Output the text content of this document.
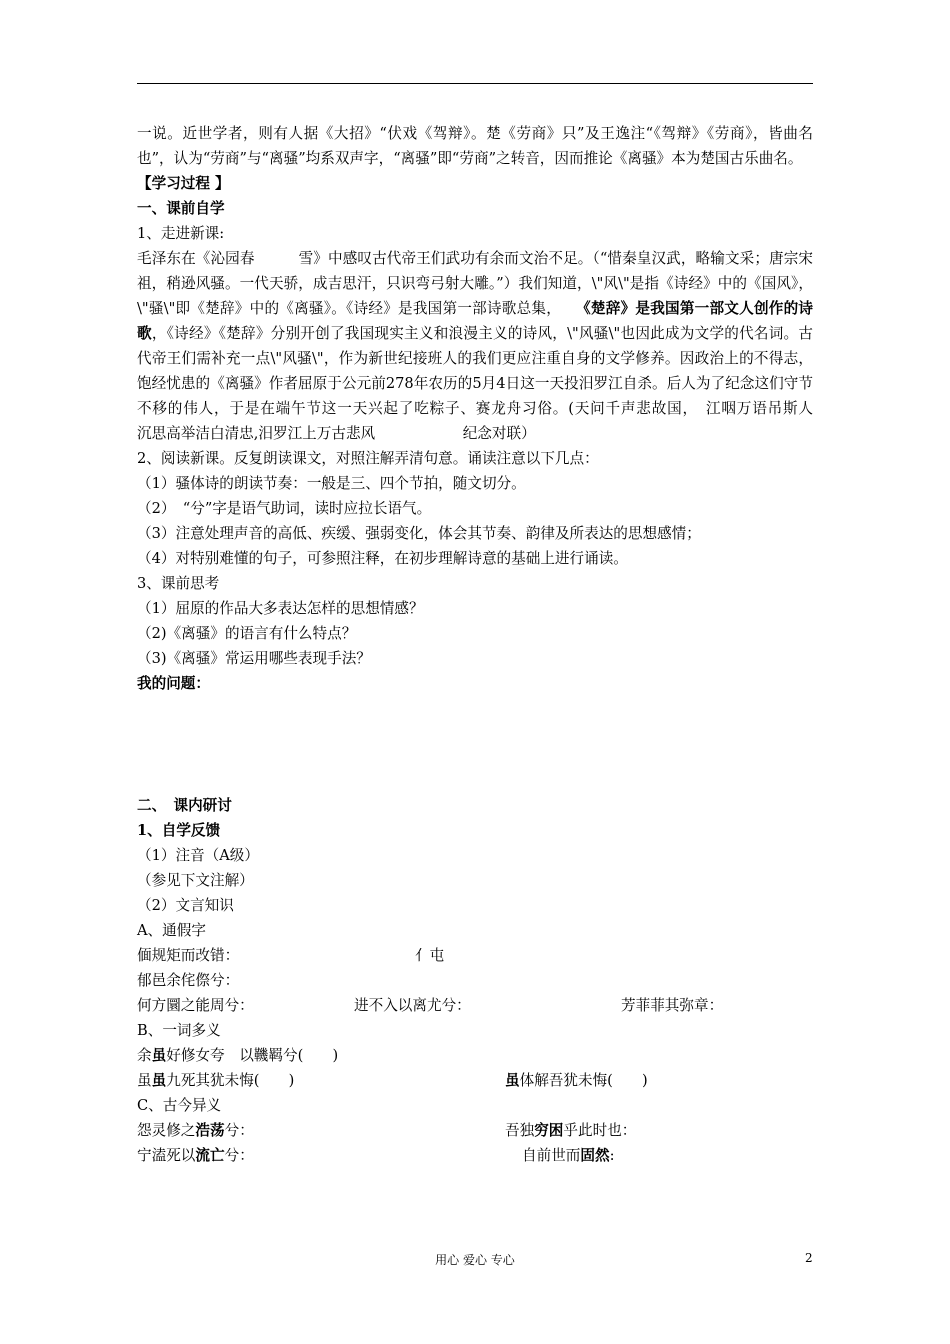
一说。近世学者，则有人据《大招》“伏戏《驾辩》。楚《劳商》只”及王逸注“《驾辩》《劳商》，皆曲名也”，认为“劳商”与“离骚”均系双声字，“离骚”即“劳商”之转音，因而推论《离骚》本为楚国古乐曲名。

【学习过程 】

一、课前自学

1、走进新课:

毛泽东在《沁园春　　　雪》中感叹古代帝王们武功有余而文治不足。（“惜秦皇汉武，略输文采；唐宗宋祖，稍逊风骚。一代天骄，成吉思汗，只识弯弓射大雕。”）我们知道，\"风\"是指《诗经》中的《国风》，\"骚\"即《楚辞》中的《离骚》。《诗经》是我国第一部诗歌总集，　　《楚辞》是我国第一部文人创作的诗歌，《诗经》《楚辞》分别开创了我国现实主义和浪漫主义的诗风，\"风骚\"也因此成为文学的代名词。古代帝王们需补充一点\"风骚\"，作为新世纪接班人的我们更应注重自身的文学修养。因政治上的不得志，饱经忧患的《离骚》作者屈原于公元前278年农历的5月4日这一天投汨罗江自杀。后人为了纪念这们守节不移的伟人，于是在端午节这一天兴起了吃粽子、赛龙舟习俗。(天问千声悲故国，　江咽万语吊斯人　　沉思高举洁白清忠,汨罗江上万古悲风　　　　　　纪念对联）

2、阅读新课。反复朗读课文，对照注解弄清句意。诵读注意以下几点：

（1）骚体诗的朗读节奏：一般是三、四个节拍，随文切分。

（2）　“兮”字是语气助词，读时应拉长语气。

（3）注意处理声音的高低、疾缓、强弱变化，体会其节奏、韵律及所表达的思想感情；

（4）对特别难懂的句子，可参照注释，在初步理解诗意的基础上进行诵读。

3、课前思考

（1）屈原的作品大多表达怎样的思想情感？

（2)《离骚》的语言有什么特点？

（3)《离骚》常运用哪些表现手法？

我的问题：

二、　课内研讨

1、自学反馈

（1）注音（A级）

（参见下文注解）

（2）文言知识

A、通假字

偭规矩而改错：	亻屯
郁邑余侘傺兮：
何方圜之能周兮：	进不入以离尤兮：	芳菲菲其弥章：
B、一词多义
余虽好修女夸　以鞿羁兮(　　)
虽虽九死其犹未悔(　　)	虽体解吾犹未悔(　　)
C、古今异义
怨灵修之浩荡兮：	吾独穷困乎此时也：
宁溘死以流亡兮：	自前世而固然:
用心 爱心 专心	2
